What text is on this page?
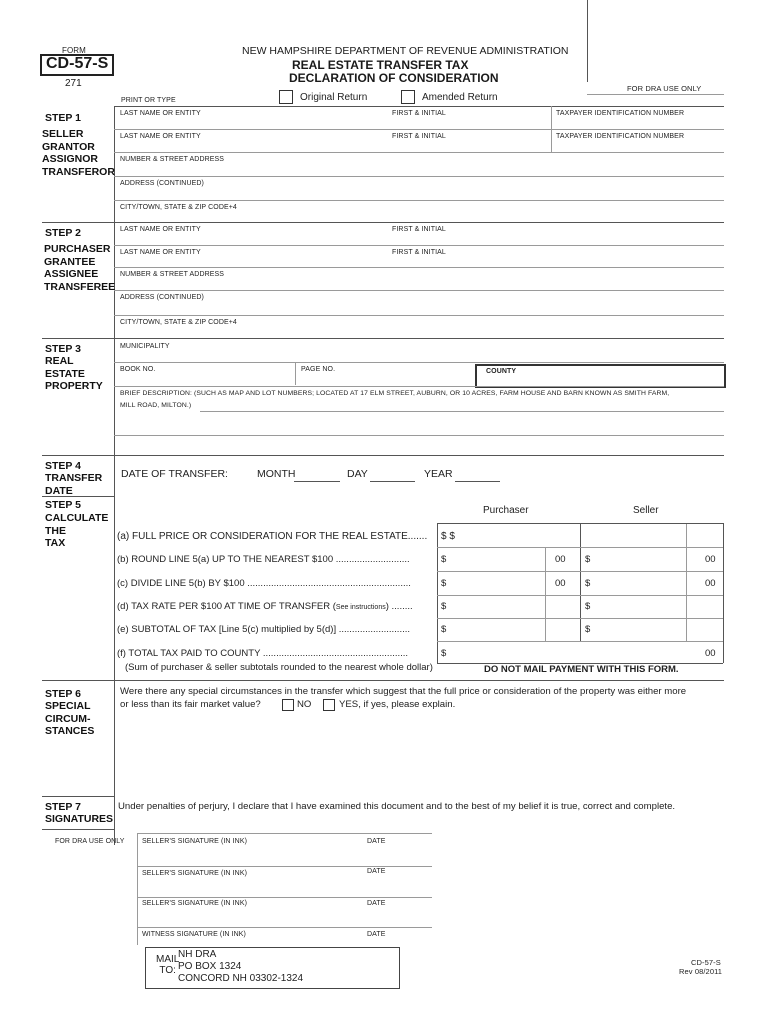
FORM
CD-57-S
271
NEW HAMPSHIRE DEPARTMENT OF REVENUE ADMINISTRATION
REAL ESTATE TRANSFER TAX
DECLARATION OF CONSIDERATION
FOR DRA USE ONLY
PRINT OR TYPE	Original Return	Amended Return
STEP 1
SELLER
GRANTOR
ASSIGNOR
TRANSFEROR
LAST NAME OR ENTITY	FIRST & INITIAL	TAXPAYER IDENTIFICATION NUMBER
LAST NAME OR ENTITY	FIRST & INITIAL	TAXPAYER IDENTIFICATION NUMBER
NUMBER & STREET ADDRESS
ADDRESS (CONTINUED)
CITY/TOWN, STATE & ZIP CODE+4
STEP 2
PURCHASER
GRANTEE
ASSIGNEE
TRANSFEREE
LAST NAME OR ENTITY	FIRST & INITIAL
LAST NAME OR ENTITY	FIRST & INITIAL
NUMBER & STREET ADDRESS
ADDRESS (CONTINUED)
CITY/TOWN, STATE & ZIP CODE+4
STEP 3
REAL
ESTATE
PROPERTY
MUNICIPALITY
BOOK NO.	PAGE NO.	COUNTY
BRIEF DESCRIPTION: (SUCH AS MAP AND LOT NUMBERS; LOCATED AT 17 ELM STREET, AUBURN, OR 10 ACRES, FARM HOUSE AND BARN KNOWN AS SMITH FARM,
MILL ROAD, MILTON.)
STEP 4
TRANSFER
DATE
DATE OF TRANSFER:	MONTH	DAY	YEAR
STEP 5
CALCULATE
THE
TAX
Purchaser	Seller
(a) FULL PRICE OR CONSIDERATION FOR THE REAL ESTATE....... $ $
(b) ROUND LINE 5(a) UP TO THE NEAREST $100 ............................	$	00 $	00
(c) DIVIDE LINE 5(b) BY $100 ..............................................................	$	00 $	00
(d) TAX RATE PER $100 AT TIME OF TRANSFER (See instructions) ........	$	$
(e) SUBTOTAL OF TAX [Line 5(c) multiplied by 5(d)] ...........................	$	$
(f) TOTAL TAX PAID TO COUNTY .......................................................	$	00
(Sum of purchaser & seller subtotals rounded to the nearest whole dollar)	DO NOT MAIL PAYMENT WITH THIS FORM.
STEP 6
SPECIAL
CIRCUM-
STANCES
Were there any special circumstances in the transfer which suggest that the full price or consideration of the property was either more
or less than its fair market value?	NO	YES, if yes, please explain.
STEP 7
SIGNATURES
Under penalties of perjury, I declare that I have examined this document and to the best of my belief it is true, correct and complete.
FOR DRA USE ONLY SELLER'S SIGNATURE (IN INK)	DATE
SELLER'S SIGNATURE (IN INK)	DATE
SELLER'S SIGNATURE (IN INK)	DATE
WITNESS SIGNATURE (IN INK)	DATE
MAIL
TO:
NH DRA
PO BOX 1324
CONCORD NH 03302-1324
CD-57-S
Rev 08/2011
